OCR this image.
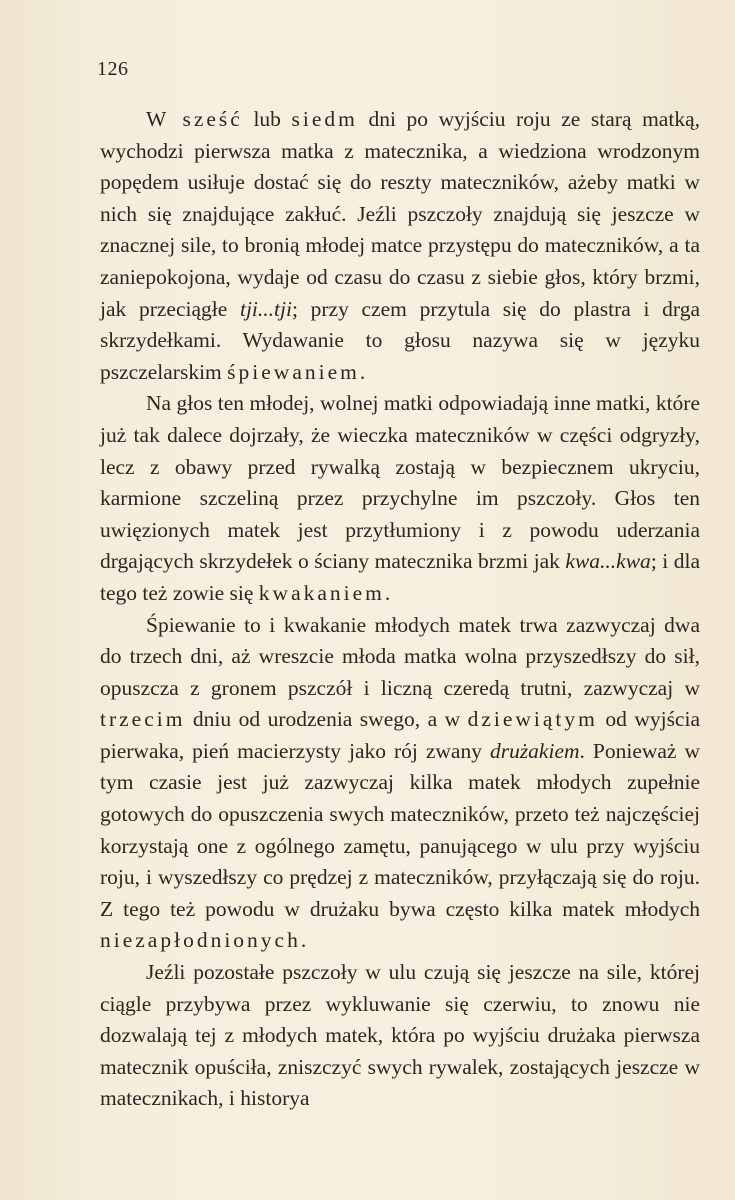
126

W sześć lub siedm dni po wyjściu roju ze starą matką, wychodzi pierwsza matka z matecznika, a wiedziona wrodzonym popędem usiłuje dostać się do reszty mateczników, ażeby matki w nich się znajdujące zakłuć. Jeźli pszczoły znajdują się jeszcze w znacznej sile, to bronią młodej matce przystępu do mateczników, a ta zaniepokojona, wydaje od czasu do czasu z siebie głos, który brzmi, jak przeciągłe tji...tji; przy czem przytula się do plastra i drga skrzydełkami. Wydawanie to głosu nazywa się w języku pszczelarskim śpiewaniem.

Na głos ten młodej, wolnej matki odpowiadają inne matki, które już tak dalece dojrzały, że wieczka mateczników w części odgryzły, lecz z obawy przed rywalką zostają w bezpiecznem ukryciu, karmione szczeliną przez przychylne im pszczoły. Głos ten uwięzionych matek jest przytłumiony i z powodu uderzania drgających skrzydełek o ściany matecznika brzmi jak kwa...kwa; i dla tego też zowie się kwakaniem.

Śpiewanie to i kwakanie młodych matek trwa zazwyczaj dwa do trzech dni, aż wreszcie młoda matka wolna przyszedłszy do sił, opuszcza z gronem pszczół i liczną czeredą trutni, zazwyczaj w trzecim dniu od urodzenia swego, a w dziewiątym od wyjścia pierwaka, pień macierzysty jako rój zwany drużakiem. Ponieważ w tym czasie jest już zazwyczaj kilka matek młodych zupełnie gotowych do opuszczenia swych mateczników, przeto też najczęściej korzystają one z ogólnego zamętu, panującego w ulu przy wyjściu roju, i wyszedłszy co prędzej z mateczników, przyłączają się do roju. Z tego też powodu w drużaku bywa często kilka matek młodych niezapłodnionych.

Jeźli pozostałe pszczoły w ulu czują się jeszcze na sile, której ciągle przybywa przez wykluwanie się czerwiu, to znowu nie dozwalają tej z młodych matek, która po wyjściu drużaka pierwsza matecznik opuściła, zniszczyć swych rywalek, zostających jeszcze w matecznikach, i historya
